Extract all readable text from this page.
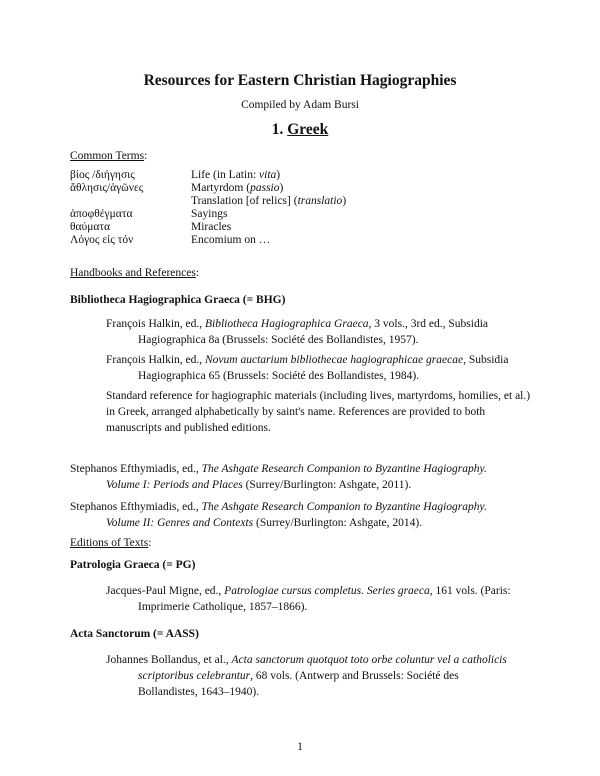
Resources for Eastern Christian Hagiographies
Compiled by Adam Bursi
1. Greek
Common Terms:
βίος /διήγησις	Life (in Latin: vita)
ἄθλησις/ἀγῶνες	Martyrdom (passio)
Translation [of relics] (translatio)
ἀποφθέγματα	Sayings
θαύματα	Miracles
Λόγος εἰς τόν	Encomium on …
Handbooks and References:
Bibliotheca Hagiographica Graeca (= BHG)
François Halkin, ed., Bibliotheca Hagiographica Graeca, 3 vols., 3rd ed., Subsidia
Hagiographica 8a (Brussels: Société des Bollandistes, 1957).
François Halkin, ed., Novum auctarium bibliothecae hagiographicae graecae, Subsidia
Hagiographica 65 (Brussels: Société des Bollandistes, 1984).
Standard reference for hagiographic materials (including lives, martyrdoms, homilies, et al.) in Greek, arranged alphabetically by saint's name. References are provided to both manuscripts and published editions.
Stephanos Efthymiadis, ed., The Ashgate Research Companion to Byzantine Hagiography.
Volume I: Periods and Places (Surrey/Burlington: Ashgate, 2011).
Stephanos Efthymiadis, ed., The Ashgate Research Companion to Byzantine Hagiography.
Volume II: Genres and Contexts (Surrey/Burlington: Ashgate, 2014).
Editions of Texts:
Patrologia Graeca (= PG)
Jacques-Paul Migne, ed., Patrologiae cursus completus. Series graeca, 161 vols. (Paris:
Imprimerie Catholique, 1857–1866).
Acta Sanctorum (= AASS)
Johannes Bollandus, et al., Acta sanctorum quotquot toto orbe coluntur vel a catholicis
scriptoribus celebrantur, 68 vols. (Antwerp and Brussels: Société des
Bollandistes, 1643–1940).
1
